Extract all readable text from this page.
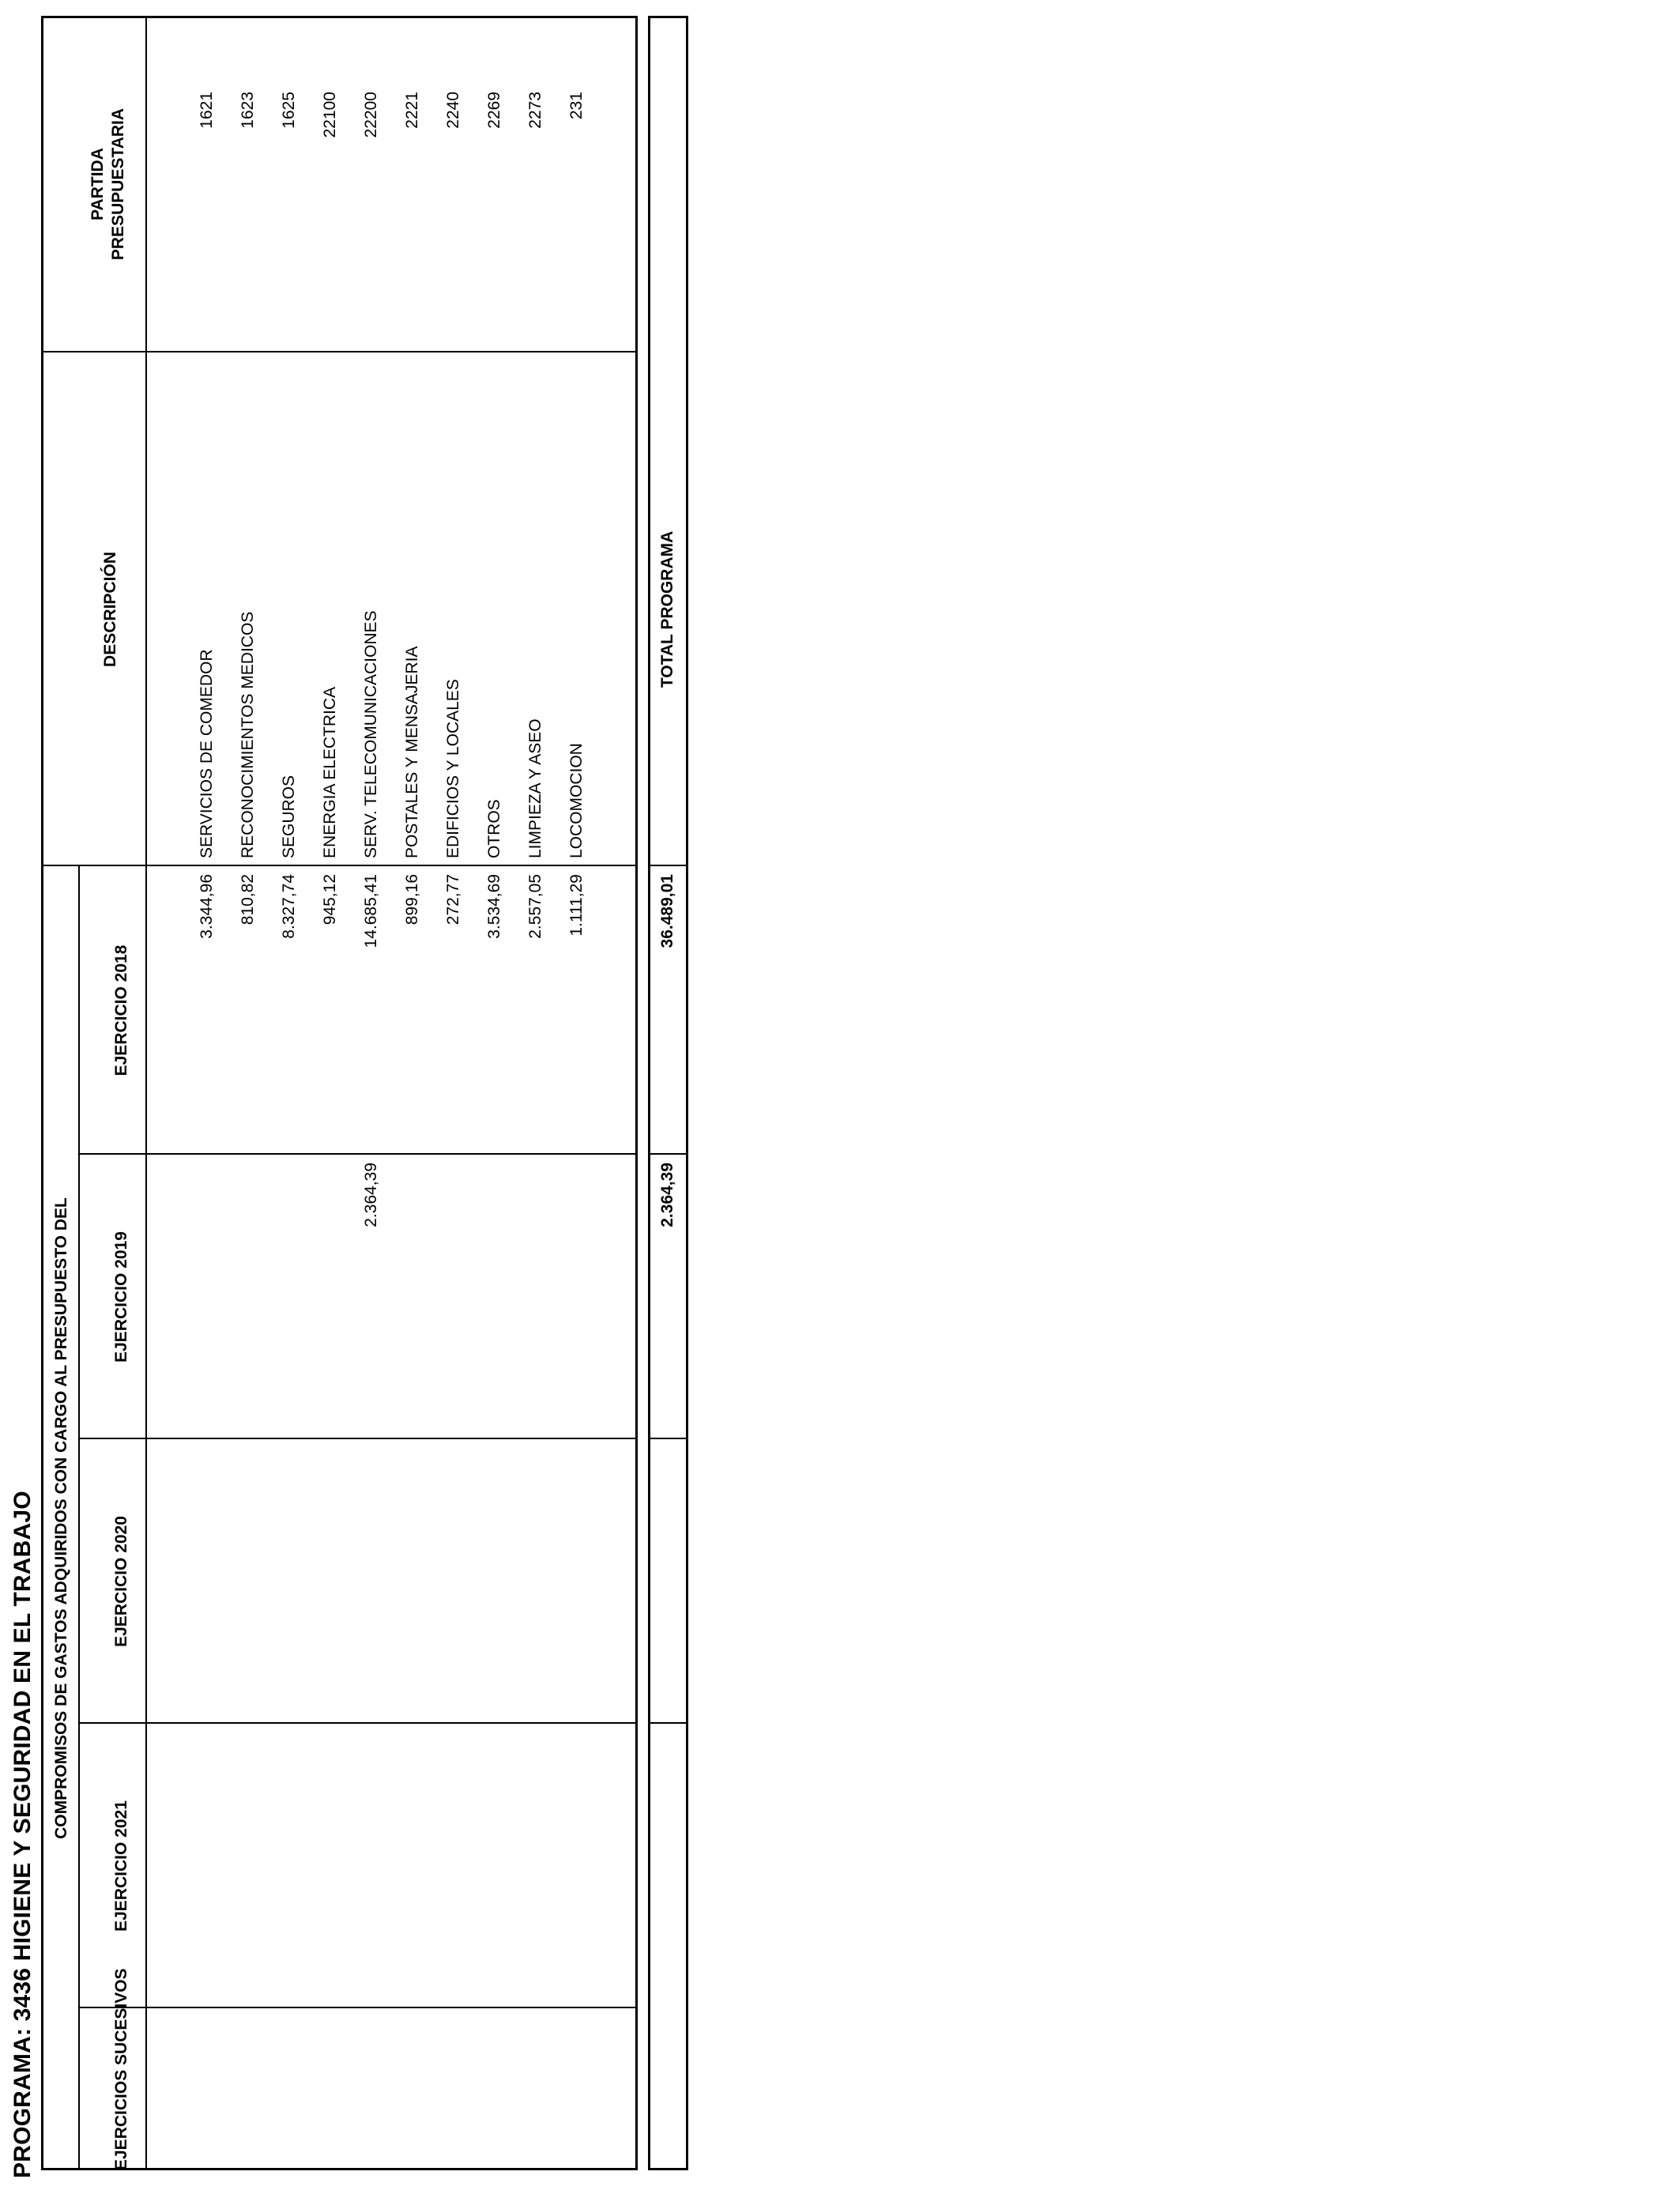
PROGRAMA: 3436 HIGIENE Y SEGURIDAD EN EL TRABAJO
PARTIDA PRESUPUESTARIA
DESCRIPCIÓN
COMPROMISOS DE GASTOS ADQUIRIDOS CON CARGO AL PRESUPUESTO DEL
EJERCICIO 2018
EJERCICIO 2019
EJERCICIO 2020
1621
SERVICIOS DE COMEDOR
3.344,96
1623
RECONOCIMIENTOS MEDICOS
810,82
1625
SEGUROS
8.327,74
22100
ENERGIA ELECTRICA
945,12
22200
SERV. TELECOMUNICACIONES
14.685,41
2.364,39
2221
POSTALES Y MENSAJERIA
899,16
2240
EDIFICIOS Y LOCALES
272,77
2269
OTROS
3.534,69
2273
LIMPIEZA Y ASEO
2.557,05
231
LOCOMOCION
1.111,29
TOTAL PROGRAMA
36.489,01
2.364,39
EJERCICIO 2021
EJERCICIOS SUCESIVOS
